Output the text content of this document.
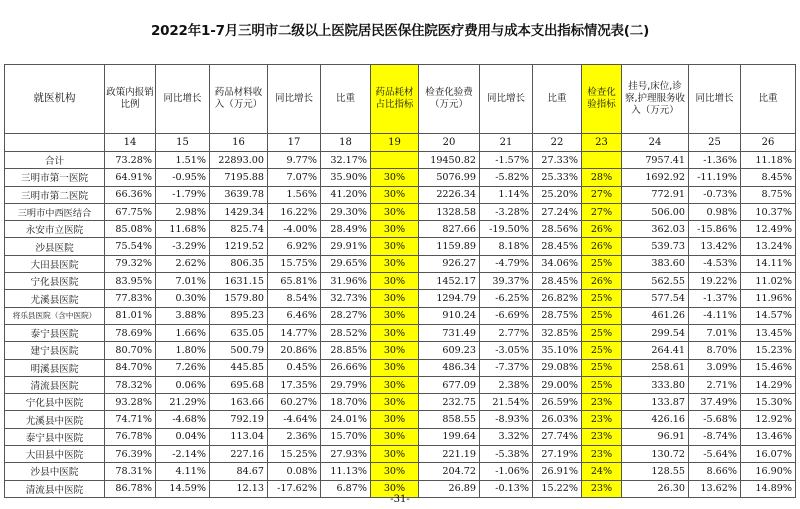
2022年1-7月三明市二级以上医院居民医保住院医疗费用与成本支出指标情况表(二)
就医机构	政策内报销比例	同比增长	药品材料收入（万元）	同比增长	比重	药品耗材占比指标	检查化验费（万元）	同比增长	比重	检查化验指标	挂号,床位,诊察,护理服务收入（万元）	同比增长	比重
	14	15	16	17	18	19	20	21	22	23	24	25	26
合计	73.28%	1.51%	22893.00	9.77%	32.17%		19450.82	-1.57%	27.33%		7957.41	-1.36%	11.18%
三明市第一医院	64.91%	-0.95%	7195.88	7.07%	35.90%	30%	5076.99	-5.82%	25.33%	28%	1692.92	-11.19%	8.45%
三明市第二医院	66.36%	-1.79%	3639.78	1.56%	41.20%	30%	2226.34	1.14%	25.20%	27%	772.91	-0.73%	8.75%
三明市中西医结合	67.75%	2.98%	1429.34	16.22%	29.30%	30%	1328.58	-3.28%	27.24%	27%	506.00	0.98%	10.37%
永安市立医院	85.08%	11.68%	825.74	-4.00%	28.49%	30%	827.66	-19.50%	28.56%	26%	362.03	-15.86%	12.49%
沙县医院	75.54%	-3.29%	1219.52	6.92%	29.91%	30%	1159.89	8.18%	28.45%	26%	539.73	13.42%	13.24%
大田县医院	79.32%	2.62%	806.35	15.75%	29.65%	30%	926.27	-4.79%	34.06%	25%	383.60	-4.53%	14.11%
宁化县医院	83.95%	7.01%	1631.15	65.81%	31.96%	30%	1452.17	39.37%	28.45%	26%	562.55	19.22%	11.02%
尤溪县医院	77.83%	0.30%	1579.80	8.54%	32.73%	30%	1294.79	-6.25%	26.82%	25%	577.54	-1.37%	11.96%
将乐县医院（含中医院）	81.01%	3.88%	895.23	6.46%	28.27%	30%	910.24	-6.69%	28.75%	25%	461.26	-4.11%	14.57%
泰宁县医院	78.69%	1.66%	635.05	14.77%	28.52%	30%	731.49	2.77%	32.85%	25%	299.54	7.01%	13.45%
建宁县医院	80.70%	1.80%	500.79	20.86%	28.85%	30%	609.23	-3.05%	35.10%	25%	264.41	8.70%	15.23%
明溪县医院	84.70%	7.26%	445.85	0.45%	26.66%	30%	486.34	-7.37%	29.08%	25%	258.61	3.09%	15.46%
清流县医院	78.32%	0.06%	695.68	17.35%	29.79%	30%	677.09	2.38%	29.00%	25%	333.80	2.71%	14.29%
宁化县中医院	93.28%	21.29%	163.66	60.27%	18.70%	30%	232.75	21.54%	26.59%	23%	133.87	37.49%	15.30%
尤溪县中医院	74.71%	-4.68%	792.19	-4.64%	24.01%	30%	858.55	-8.93%	26.03%	23%	426.16	-5.68%	12.92%
泰宁县中医院	76.78%	0.04%	113.04	2.36%	15.70%	30%	199.64	3.32%	27.74%	23%	96.91	-8.74%	13.46%
大田县中医院	76.39%	-2.14%	227.16	15.25%	27.93%	30%	221.19	-5.38%	27.19%	23%	130.72	-5.64%	16.07%
沙县中医院	78.31%	4.11%	84.67	0.08%	11.13%	30%	204.72	-1.06%	26.91%	24%	128.55	8.66%	16.90%
清流县中医院	86.78%	14.59%	12.13	-17.62%	6.87%	30%	26.89	-0.13%	15.22%	23%	26.30	13.62%	14.89%
-31-
